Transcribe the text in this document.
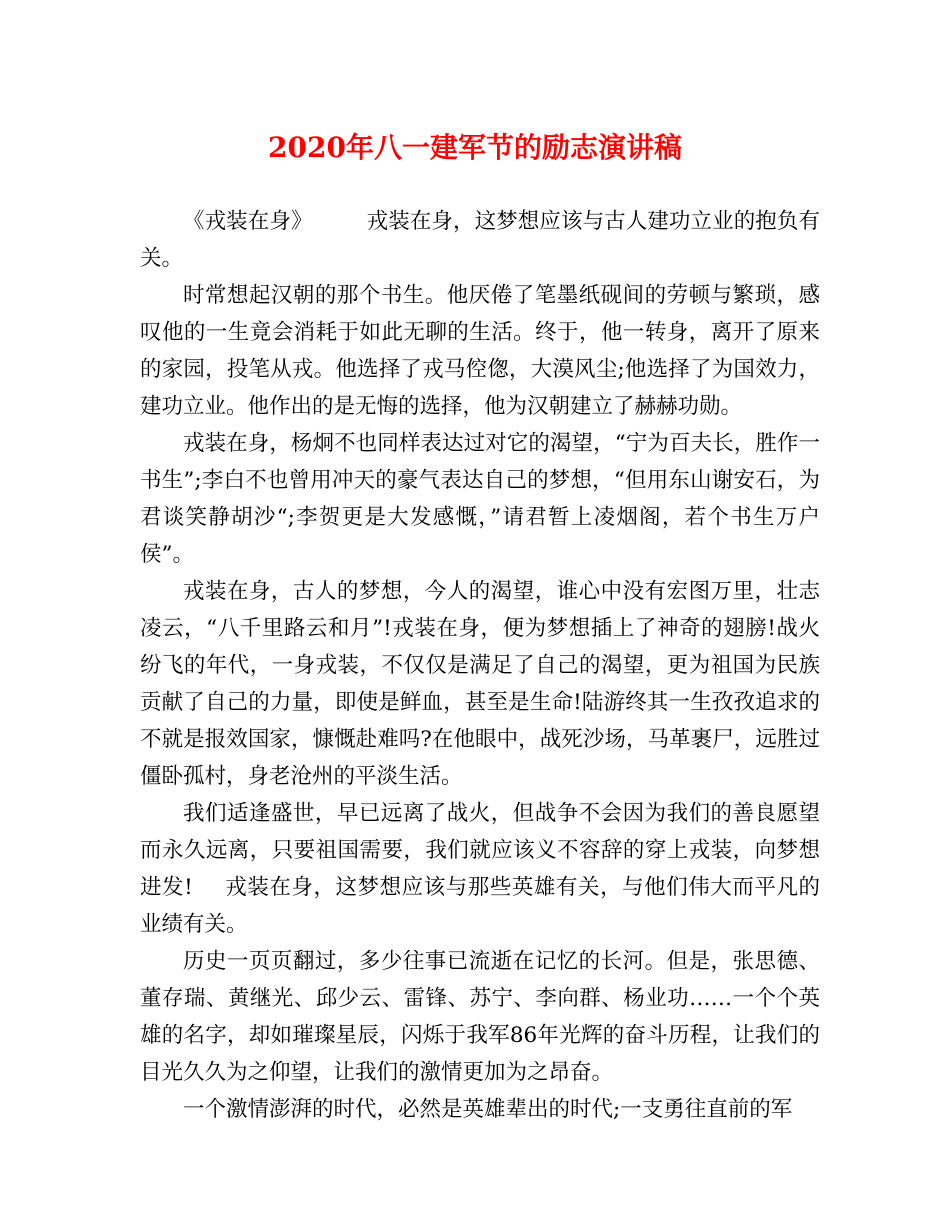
2020年八一建军节的励志演讲稿

《戎装在身》	戎装在身，这梦想应该与古人建功立业的抱负有关。

时常想起汉朝的那个书生。他厌倦了笔墨纸砚间的劳顿与繁琐，感叹他的一生竟会消耗于如此无聊的生活。终于，他一转身，离开了原来的家园，投笔从戎。他选择了戎马倥偬，大漠风尘;他选择了为国效力，建功立业。他作出的是无悔的选择，他为汉朝建立了赫赫功勋。

戎装在身，杨炯不也同样表达过对它的渴望，“宁为百夫长，胜作一书生”;李白不也曾用冲天的豪气表达自己的梦想，“但用东山谢安石，为君谈笑静胡沙“;李贺更是大发感慨，”请君暂上凌烟阁，若个书生万户侯”。

戎装在身，古人的梦想，今人的渴望，谁心中没有宏图万里，壮志凌云，“八千里路云和月”!戎装在身，便为梦想插上了神奇的翅膀!战火纷飞的年代，一身戎装，不仅仅是满足了自己的渴望，更为祖国为民族贡献了自己的力量，即使是鲜血，甚至是生命!陆游终其一生孜孜追求的不就是报效国家，慷慨赴难吗?在他眼中，战死沙场，马革裹尸，远胜过僵卧孤村，身老沧州的平淡生活。

我们适逢盛世，早已远离了战火，但战争不会因为我们的善良愿望而永久远离，只要祖国需要，我们就应该义不容辞的穿上戎装，向梦想进发! 戎装在身，这梦想应该与那些英雄有关，与他们伟大而平凡的业绩有关。

历史一页页翻过，多少往事已流逝在记忆的长河。但是，张思德、董存瑞、黄继光、邱少云、雷锋、苏宁、李向群、杨业功……一个个英雄的名字，却如璀璨星辰，闪烁于我军86年光辉的奋斗历程，让我们的目光久久为之仰望，让我们的激情更加为之昂奋。

一个激情澎湃的时代，必然是英雄辈出的时代;一支勇往直前的军
